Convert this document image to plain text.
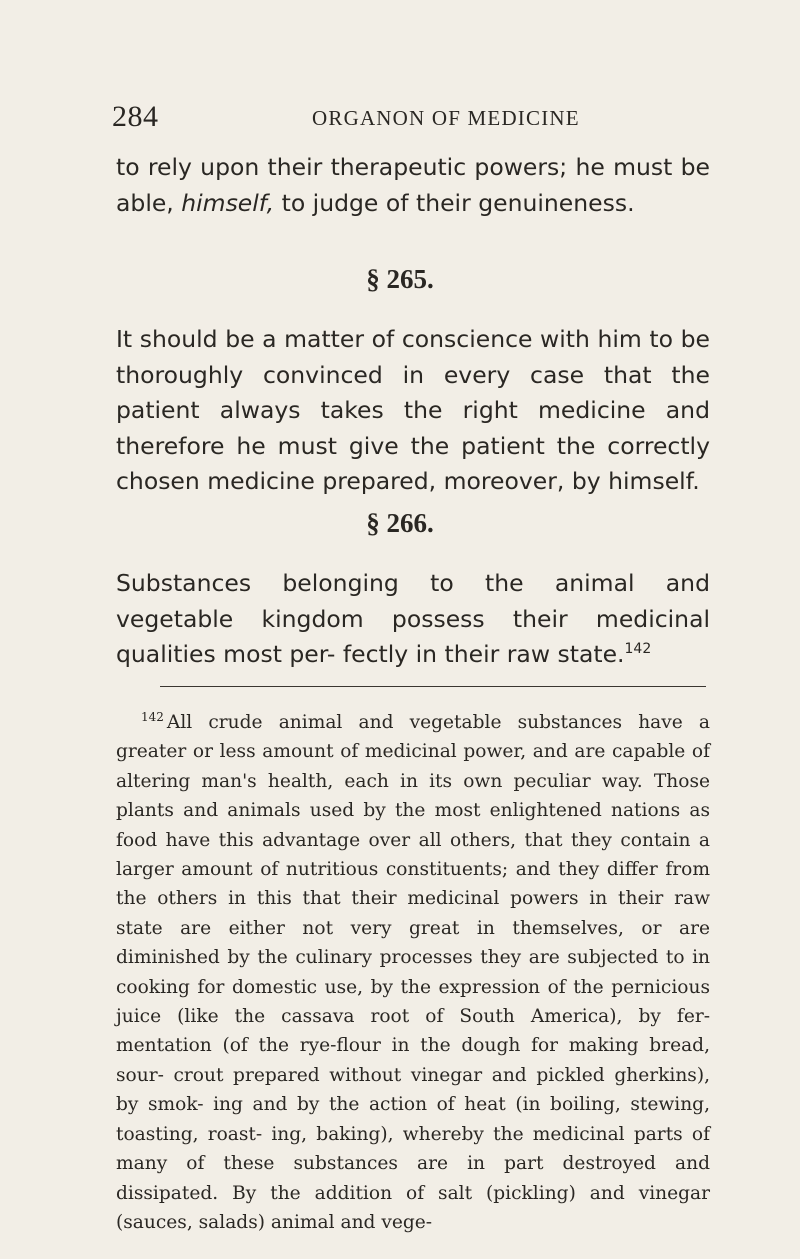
284	ORGANON OF MEDICINE

to rely upon their therapeutic powers; he must be able, himself, to judge of their genuineness.

§ 265.

It should be a matter of conscience with him to be thoroughly convinced in every case that the patient always takes the right medicine and therefore he must give the patient the correctly chosen medicine prepared, moreover, by himself.

§ 266.

Substances belonging to the animal and vegetable kingdom possess their medicinal qualities most per- fectly in their raw state.$^{142}$

$^{142}$ All crude animal and vegetable substances have a greater or less amount of medicinal power, and are capable of altering man's health, each in its own peculiar way. Those plants and animals used by the most enlightened nations as food have this advantage over all others, that they contain a larger amount of nutritious constituents; and they differ from the others in this that their medicinal powers in their raw state are either not very great in themselves, or are diminished by the culinary processes they are subjected to in cooking for domestic use, by the expression of the pernicious juice (like the cassava root of South America), by fer- mentation (of the rye-flour in the dough for making bread, sour- crout prepared without vinegar and pickled gherkins), by smok- ing and by the action of heat (in boiling, stewing, toasting, roast- ing, baking), whereby the medicinal parts of many of these substances are in part destroyed and dissipated. By the addition of salt (pickling) and vinegar (sauces, salads) animal and vege-
